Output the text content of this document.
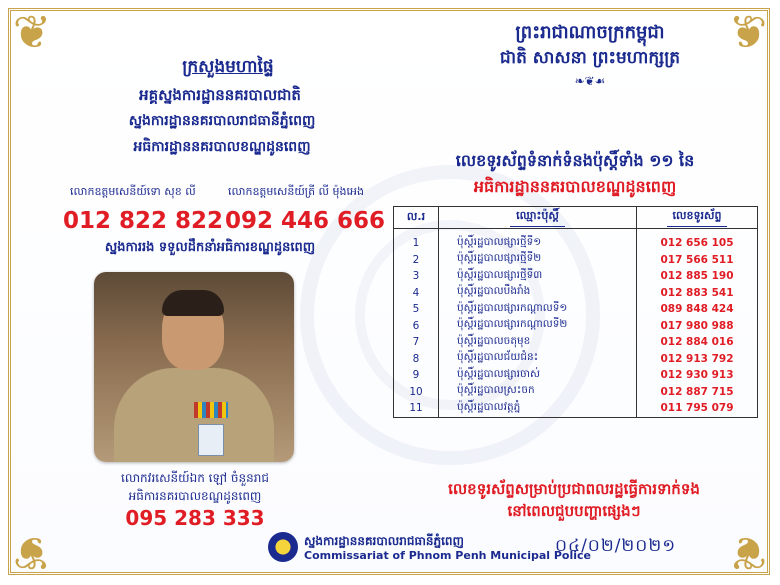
❦	❦
❦	❦
ក្រសួងមហាផ្ទៃ
អគ្គស្នងការដ្ឋាននគរបាលជាតិ
ស្នងការដ្ឋាននគរបាលរាជធានីភ្នំពេញ
អធិការដ្ឋាននគរបាលខណ្ឌដូនពេញ
លោកឧត្តមសេនីយ៍ទោ សុខ លី	លោកឧត្តមសេនីយ៍ត្រី លី ម៉ុងអេង
012 822 822 092 446 666
ស្នងការរង ទទួលដឹកនាំអធិការខណ្ឌដូនពេញ
លោកវរសេនីយ៍ឯក ឡៅ ចំនួនរាជ
អធិការនគរបាលខណ្ឌដូនពេញ
095 283 333
ព្រះរាជាណាចក្រកម្ពុជា
ជាតិ សាសនា ព្រះមហាក្សត្រ
❧❦☙
លេខទូរស័ព្ទទំនាក់ទំនងប៉ុស្តិ៍ទាំង ១១ នៃ
អធិការដ្ឋាននគរបាលខណ្ឌដូនពេញ
ល.រ	ឈ្មោះប៉ុស្តិ៍	លេខទូរស័ព្ទ
1	ប៉ុស្តិ៍រដ្ឋបាលផ្សារថ្មីទី១	012 656 105
2	ប៉ុស្តិ៍រដ្ឋបាលផ្សារថ្មីទី២	017 566 511
3	ប៉ុស្តិ៍រដ្ឋបាលផ្សារថ្មីទី៣	012 885 190
4	ប៉ុស្តិ៍រដ្ឋបាលបឹងរាំង	012 883 541
5	ប៉ុស្តិ៍រដ្ឋបាលផ្សារកណ្តាលទី១	089 848 424
6	ប៉ុស្តិ៍រដ្ឋបាលផ្សារកណ្តាលទី២	017 980 988
7	ប៉ុស្តិ៍រដ្ឋបាលចតុមុខ	012 884 016
8	ប៉ុស្តិ៍រដ្ឋបាលជ័យជំនះ	012 913 792
9	ប៉ុស្តិ៍រដ្ឋបាលផ្សារចាស់	012 930 913
10	ប៉ុស្តិ៍រដ្ឋបាលស្រះចក	012 887 715
11	ប៉ុស្តិ៍រដ្ឋបាលវត្តភ្នំ	011 795 079
លេខទូរស័ព្ទសម្រាប់ប្រជាពលរដ្ឋធ្វើការទាក់ទង
នៅពេលជួបបញ្ហាផ្សេងៗ
ស្នងការដ្ឋាននគរបាលរាជធានីភ្នំពេញ
Commissariat of Phnom Penh Municipal Police
០៤/០២/២០២១
